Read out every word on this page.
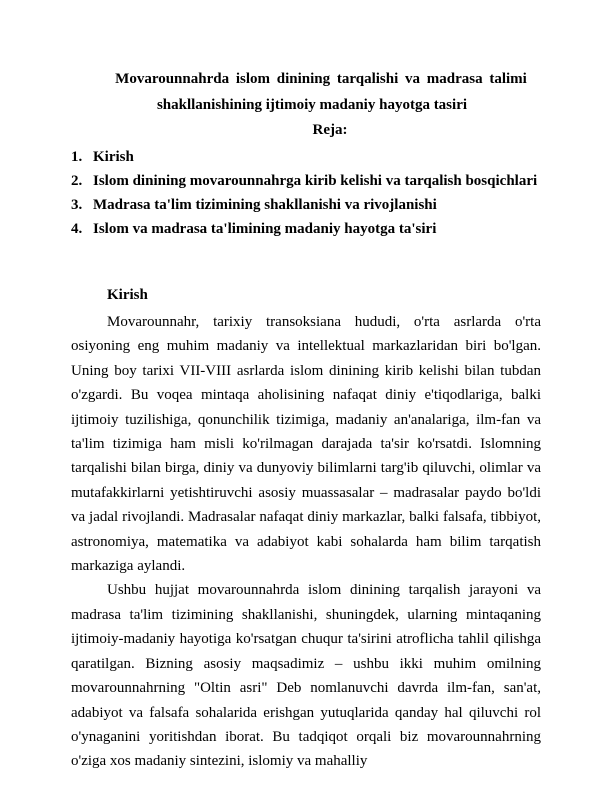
Movarounnahrda islom dinining tarqalishi va madrasa talimi
shakllanishining ijtimoiy madaniy hayotga tasiri
Reja:
1. Kirish
2. Islom dinining movarounnahrga kirib kelishi va tarqalish bosqichlari
3. Madrasa ta'lim tizimining shakllanishi va rivojlanishi
4. Islom va madrasa ta'limining madaniy hayotga ta'siri
Kirish

Movarounnahr, tarixiy transoksiana hududi, o'rta asrlarda o'rta osiyoning eng muhim madaniy va intellektual markazlaridan biri bo'lgan. Uning boy tarixi VII-VIII asrlarda islom dinining kirib kelishi bilan tubdan o'zgardi. Bu voqea mintaqa aholisining nafaqat diniy e'tiqodlariga, balki ijtimoiy tuzilishiga, qonunchilik tizimiga, madaniy an'analariga, ilm-fan va ta'lim tizimiga ham misli ko'rilmagan darajada ta'sir ko'rsatdi. Islomning tarqalishi bilan birga, diniy va dunyoviy bilimlarni targ'ib qiluvchi, olimlar va mutafakkirlarni yetishtiruvchi asosiy muassasalar – madrasalar paydo bo'ldi va jadal rivojlandi. Madrasalar nafaqat diniy markazlar, balki falsafa, tibbiyot, astronomiya, matematika va adabiyot kabi sohalarda ham bilim tarqatish markaziga aylandi.

Ushbu hujjat movarounnahrda islom dinining tarqalish jarayoni va madrasa ta'lim tizimining shakllanishi, shuningdek, ularning mintaqaning ijtimoiy-madaniy hayotiga ko'rsatgan chuqur ta'sirini atroflicha tahlil qilishga qaratilgan. Bizning asosiy maqsadimiz – ushbu ikki muhim omilning movarounnahrning "Oltin asri" Deb nomlanuvchi davrda ilm-fan, san'at, adabiyot va falsafa sohalarida erishgan yutuqlarida qanday hal qiluvchi rol o'ynaganini yoritishdan iborat. Bu tadqiqot orqali biz movarounnahrning o'ziga xos madaniy sintezini, islomiy va mahalliy
